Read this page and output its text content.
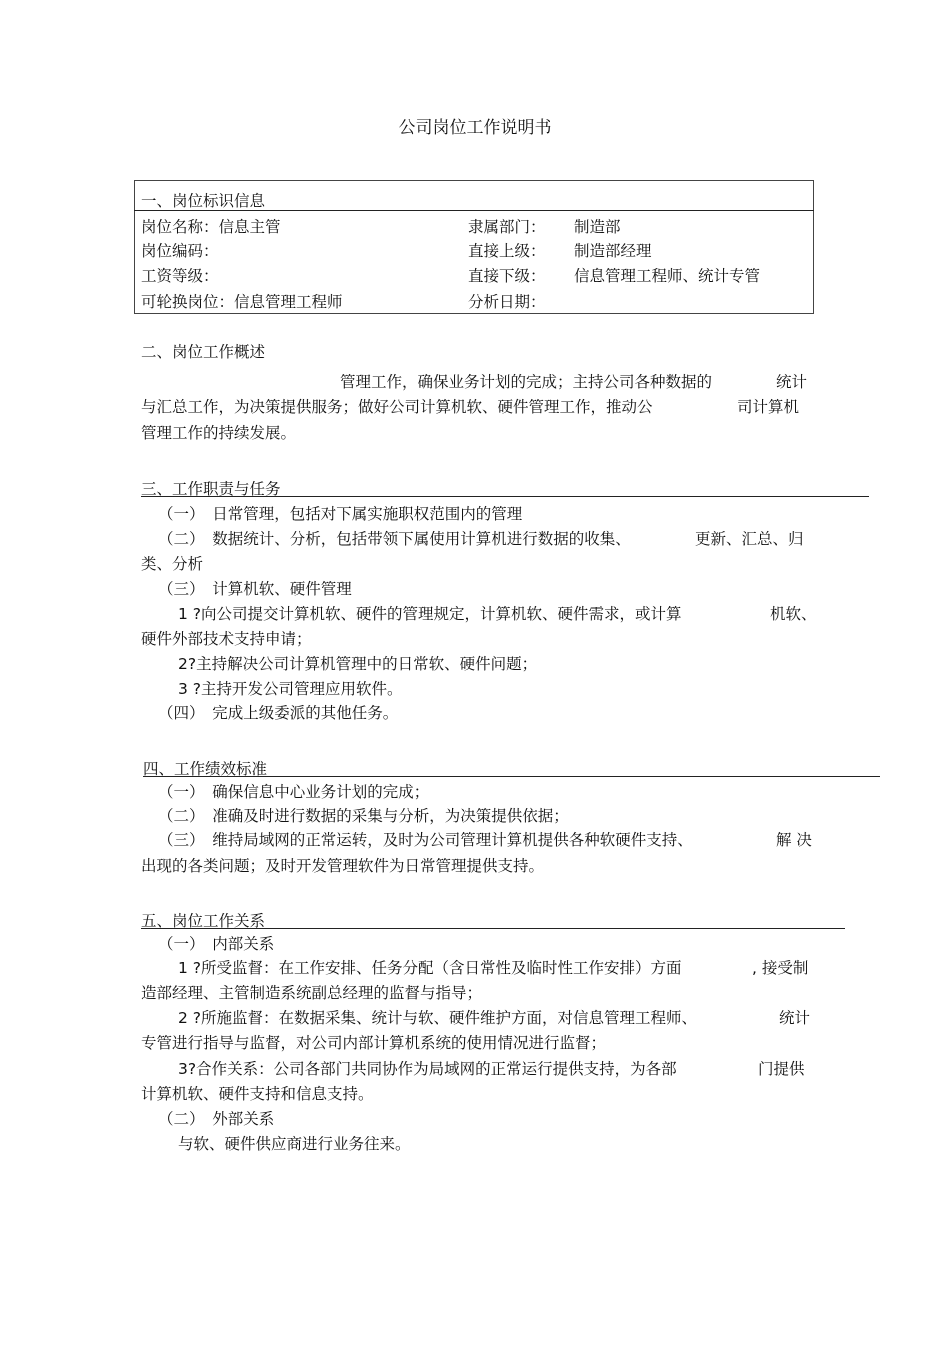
公司岗位工作说明书
一、岗位标识信息
岗位名称：信息主管	隶属部门： 制造部
岗位编码：	直接上级： 制造部经理
工资等级：	直接下级： 信息管理工程师、统计专管
可轮换岗位：信息管理工程师	分析日期：
二、岗位工作概述
管理工作，确保业务计划的完成；主持公司各种数据的	统计
与汇总工作，为决策提供服务；做好公司计算机软、硬件管理工作，推动公	司计算机
管理工作的持续发展。
三、工作职责与任务
（一）　日常管理，包括对下属实施职权范围内的管理
（二）　数据统计、分析，包括带领下属使用计算机进行数据的收集、	更新、汇总、归
类、分析
（三）　计算机软、硬件管理
1 ?向公司提交计算机软、硬件的管理规定，计算机软、硬件需求，或计算	机软、
硬件外部技术支持申请；
2?主持解决公司计算机管理中的日常软、硬件问题；
3 ?主持开发公司管理应用软件。
（四）　完成上级委派的其他任务。
四、工作绩效标准
（一）　确保信息中心业务计划的完成；
（二）　准确及时进行数据的采集与分析，为决策提供依据；
（三）　维持局域网的正常运转，及时为公司管理计算机提供各种软硬件支持、	解 决
出现的各类问题；及时开发管理软件为日常管理提供支持。
五、岗位工作关系
（一）　内部关系
1 ?所受监督：在工作安排、任务分配（含日常性及临时性工作安排）方面	, 接受制
造部经理、主管制造系统副总经理的监督与指导；
2 ?所施监督：在数据采集、统计与软、硬件维护方面，对信息管理工程师、	统计
专管进行指导与监督，对公司内部计算机系统的使用情况进行监督；
3?合作关系：公司各部门共同协作为局域网的正常运行提供支持，为各部	门提供
计算机软、硬件支持和信息支持。
（二）　外部关系
与软、硬件供应商进行业务往来。
